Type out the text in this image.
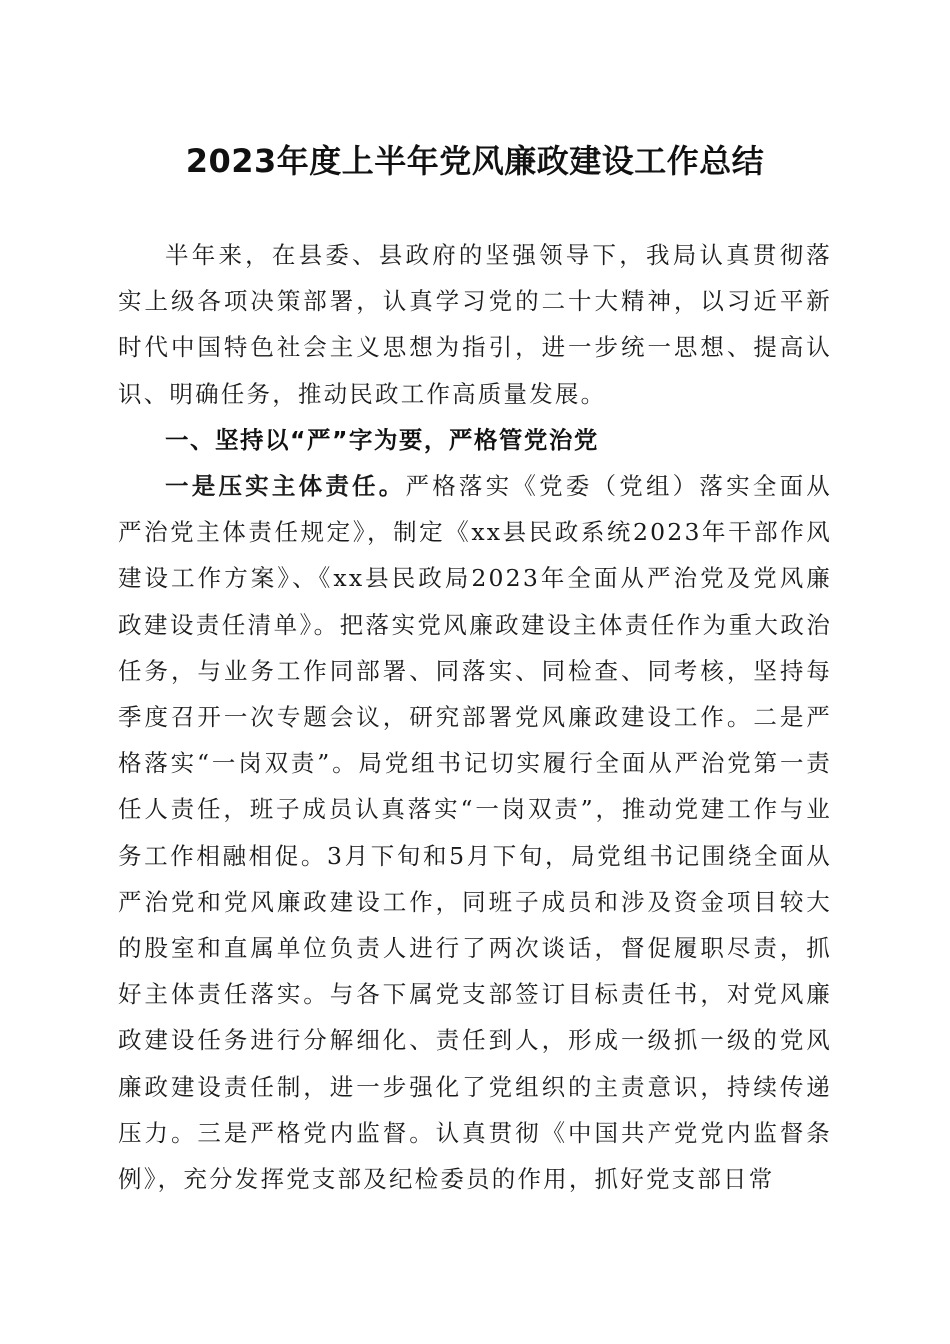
2023年度上半年党风廉政建设工作总结

半年来，在县委、县政府的坚强领导下，我局认真贯彻落实上级各项决策部署，认真学习党的二十大精神，以习近平新时代中国特色社会主义思想为指引，进一步统一思想、提高认识、明确任务，推动民政工作高质量发展。

一、坚持以“严”字为要，严格管党治党

一是压实主体责任。严格落实《党委（党组）落实全面从严治党主体责任规定》，制定《xx县民政系统2023年干部作风建设工作方案》、《xx县民政局2023年全面从严治党及党风廉政建设责任清单》。把落实党风廉政建设主体责任作为重大政治任务，与业务工作同部署、同落实、同检查、同考核，坚持每季度召开一次专题会议，研究部署党风廉政建设工作。二是严格落实“一岗双责”。局党组书记切实履行全面从严治党第一责任人责任，班子成员认真落实“一岗双责”，推动党建工作与业务工作相融相促。3月下旬和5月下旬，局党组书记围绕全面从严治党和党风廉政建设工作，同班子成员和涉及资金项目较大的股室和直属单位负责人进行了两次谈话，督促履职尽责，抓好主体责任落实。与各下属党支部签订目标责任书，对党风廉政建设任务进行分解细化、责任到人，形成一级抓一级的党风廉政建设责任制，进一步强化了党组织的主责意识，持续传递压力。三是严格党内监督。认真贯彻《中国共产党党内监督条例》，充分发挥党支部及纪检委员的作用，抓好党支部日常
